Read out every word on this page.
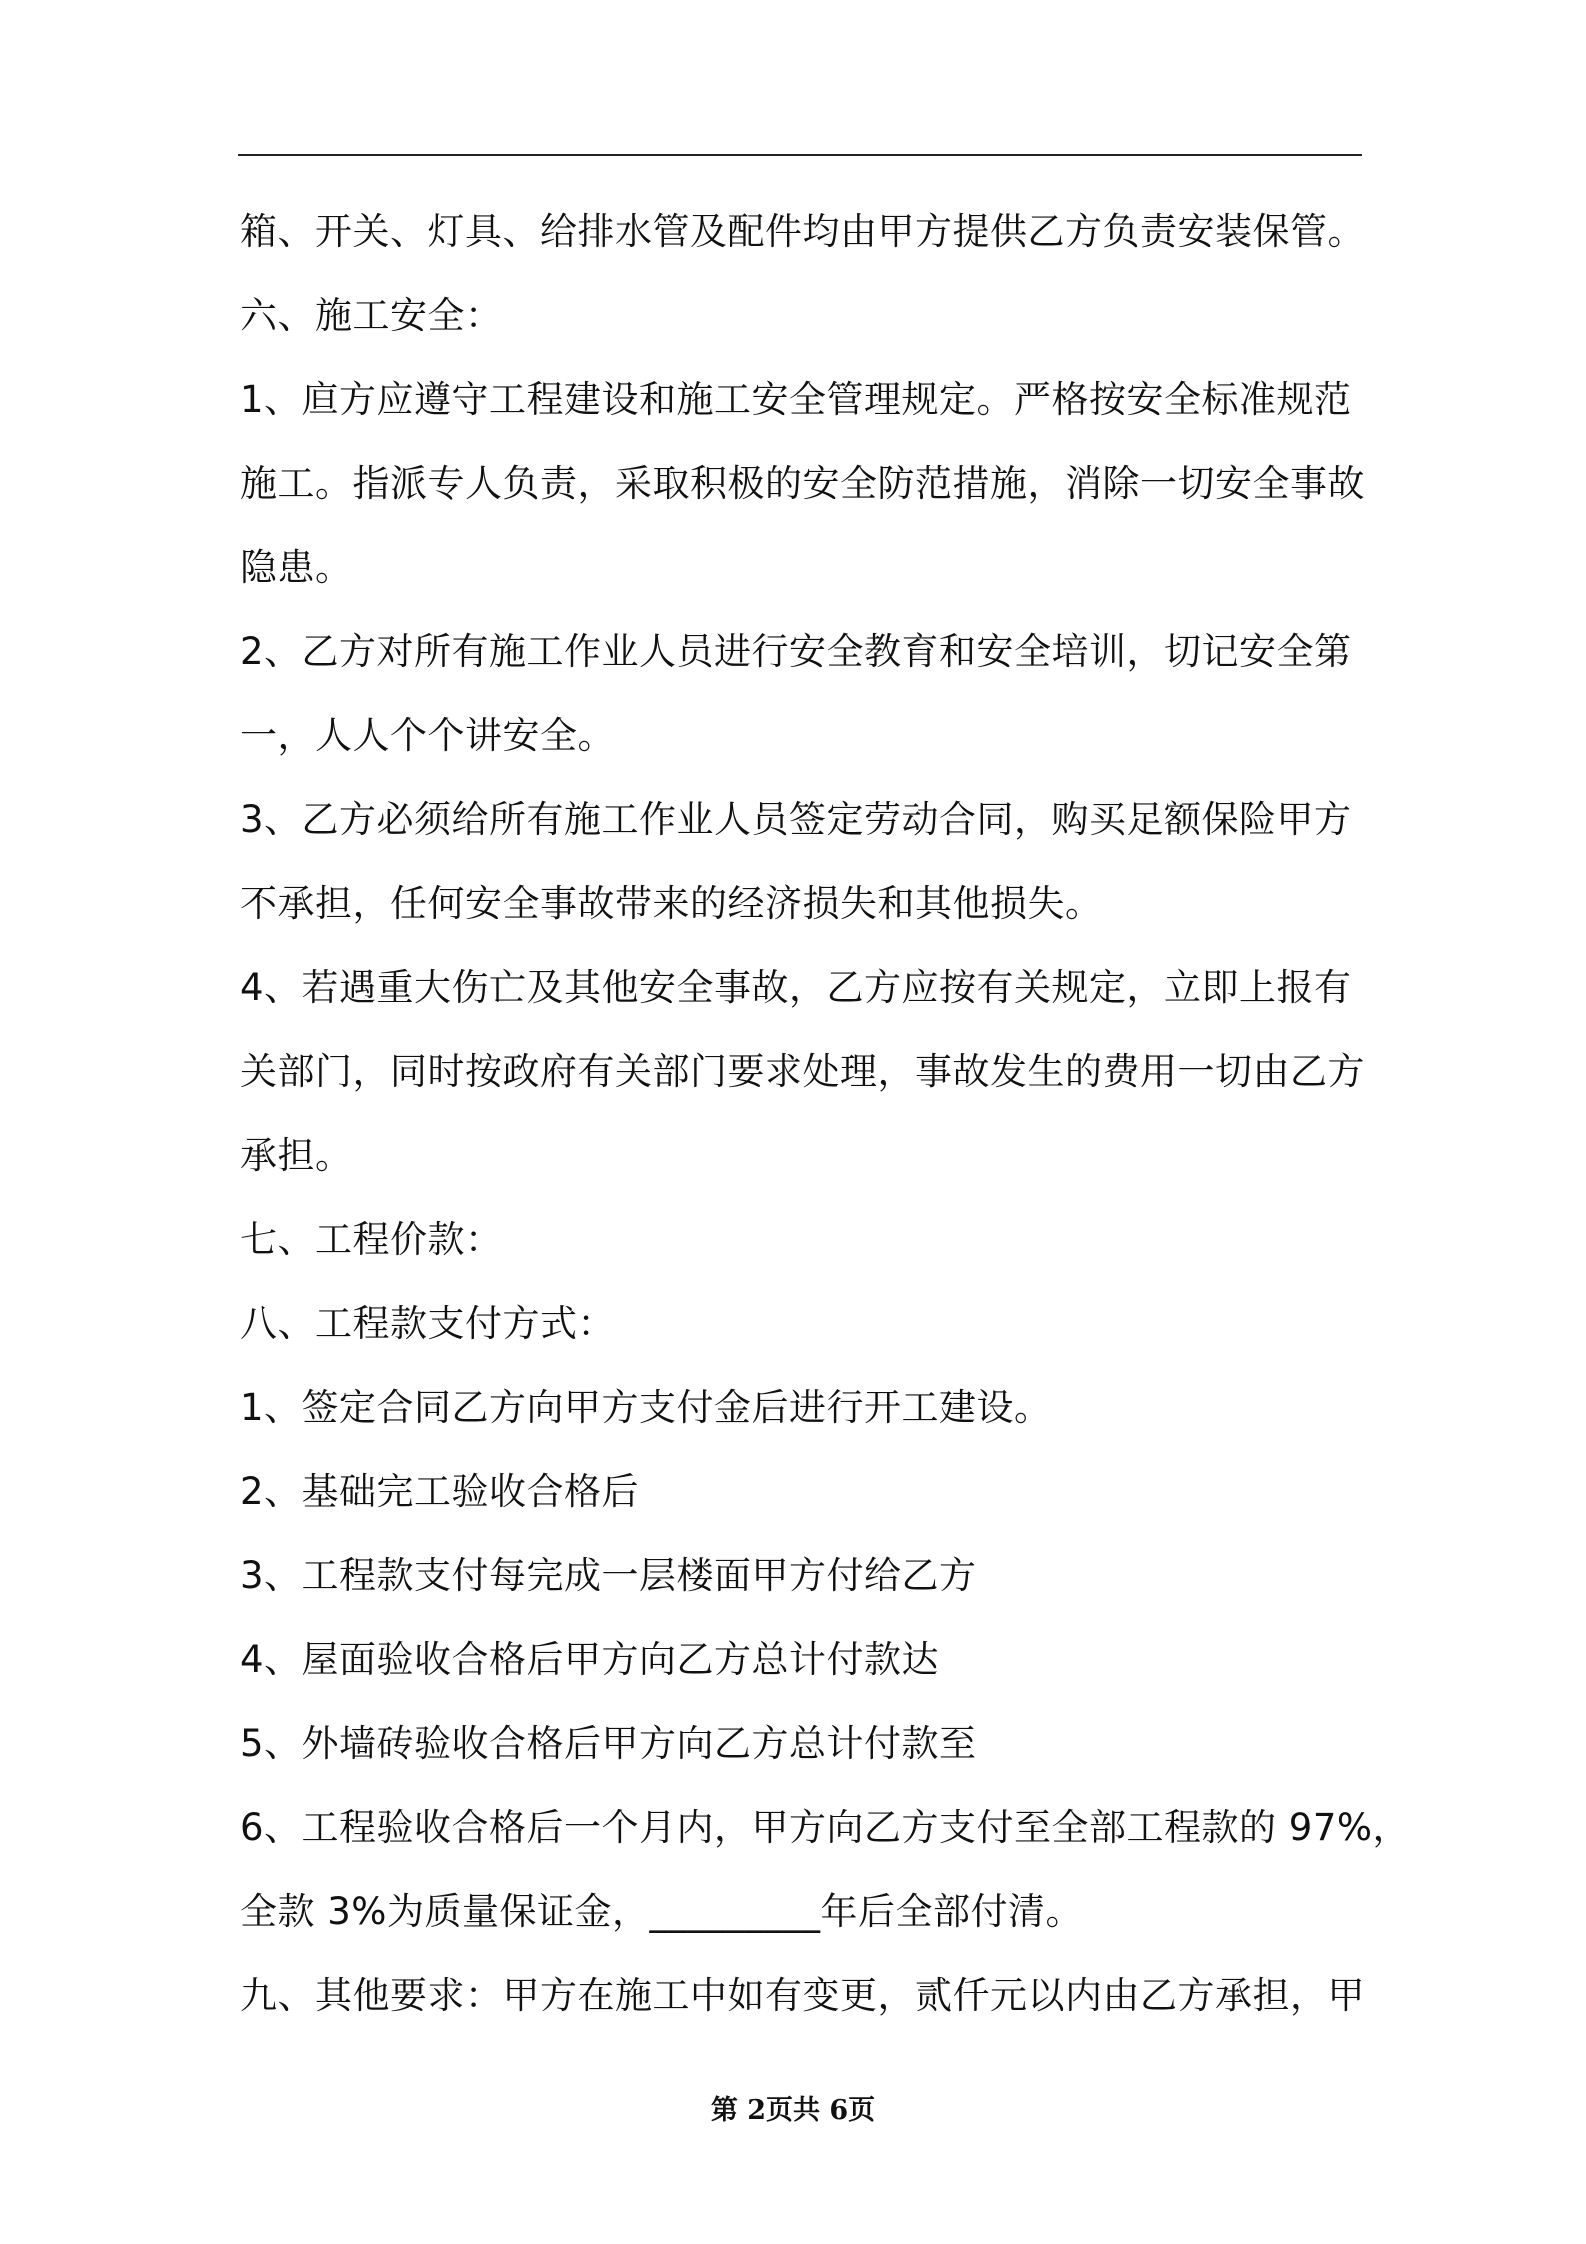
箱、开关、灯具、给排水管及配件均由甲方提供乙方负责安装保管。
六、施工安全：
1、㡺方应遵守工程建设和施工安全管理规定。严格按安全标准规范
施工。指派专人负责，采取积极的安全防范措施，消除一切安全事故
隐患。
2、乙方对所有施工作业人员进行安全教育和安全培训，切记安全第
一，人人个个讲安全。
3、乙方必须给所有施工作业人员签定劳动合同，购买足额保险甲方
不承担，任何安全事故带来的经济损失和其他损失。
4、若遇重大伤亡及其他安全事故，乙方应按有关规定，立即上报有
关部门，同时按政府有关部门要求处理，事故发生的费用一切由乙方
承担。
七、工程价款：
八、工程款支付方式：
1、签定合同乙方向甲方支付金后进行开工建设。
2、基础完工验收合格后
3、工程款支付每完成一层楼面甲方付给乙方
4、屋面验收合格后甲方向乙方总计付款达
5、外墙砖验收合格后甲方向乙方总计付款至
6、工程验收合格后一个月内，甲方向乙方支付至全部工程款的 97%，
全款 3%为质量保证金，_________年后全部付清。
九、其他要求：甲方在施工中如有变更，贰仟元以内由乙方承担，甲
第 2页共 6页
